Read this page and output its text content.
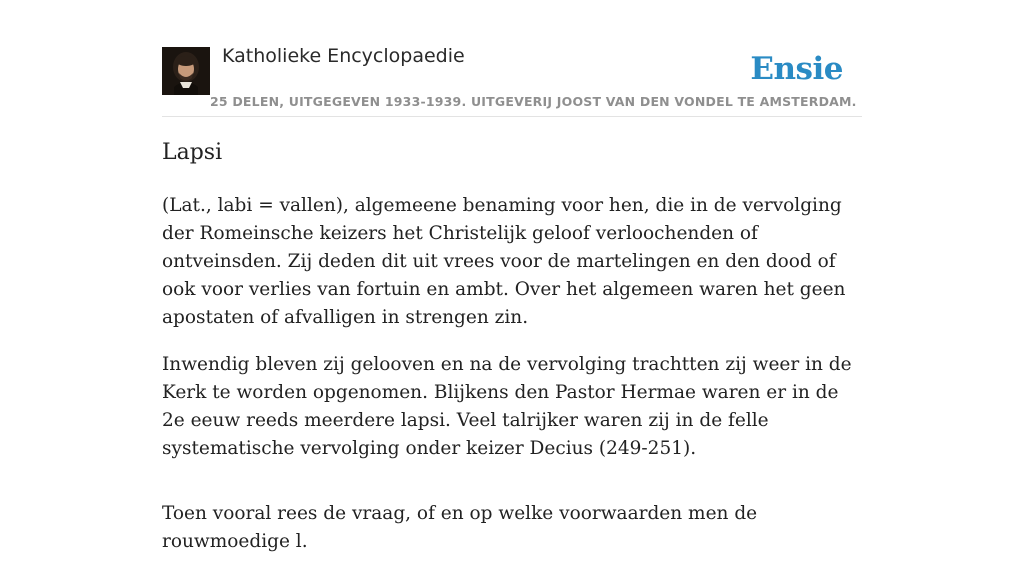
Katholieke Encyclopaedie	Ensie
25 DELEN, UITGEGEVEN 1933-1939. UITGEVERIJ JOOST VAN DEN VONDEL TE AMSTERDAM.
Lapsi

(Lat., labi = vallen), algemeene benaming voor hen, die in de vervolging der Romeinsche keizers het Christelijk geloof verloochenden of ontveinsden. Zij deden dit uit vrees voor de martelingen en den dood of ook voor verlies van fortuin en ambt. Over het algemeen waren het geen apostaten of afvalligen in strengen zin.

Inwendig bleven zij gelooven en na de vervolging trachtten zij weer in de Kerk te worden opgenomen. Blijkens den Pastor Hermae waren er in de 2e eeuw reeds meerdere lapsi. Veel talrijker waren zij in de felle systematische vervolging onder keizer Decius (249-251).

Toen vooral rees de vraag, of en op welke voorwaarden men de rouwmoedige l.
